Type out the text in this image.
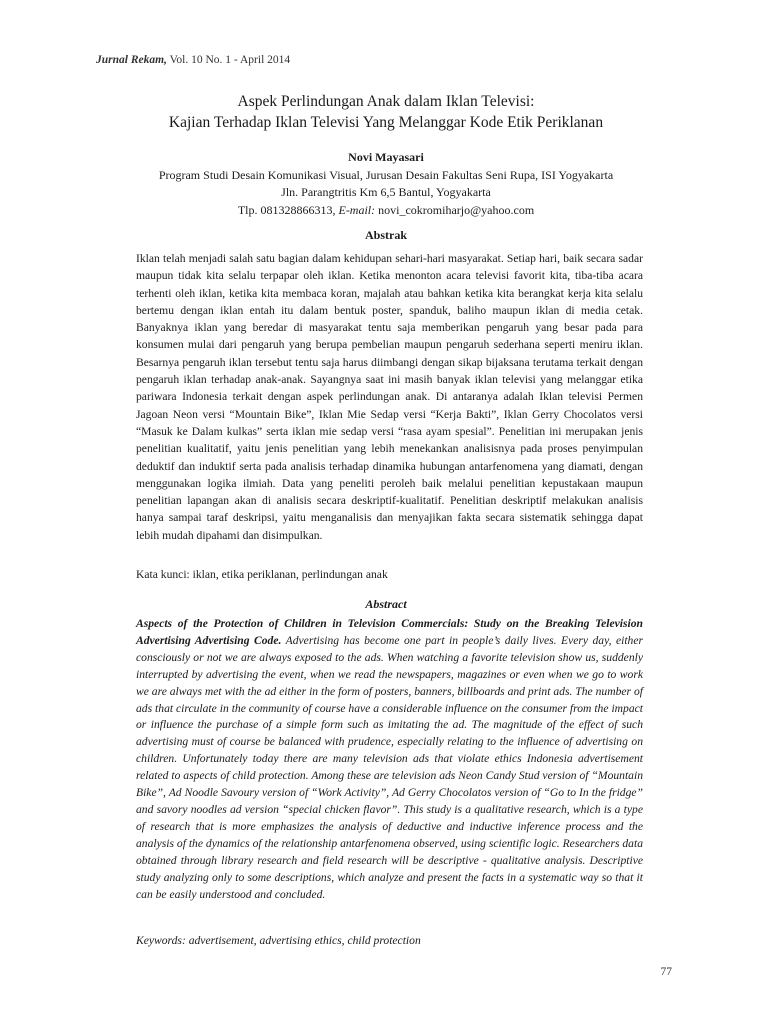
Jurnal Rekam, Vol. 10 No. 1 - April 2014

Aspek Perlindungan Anak dalam Iklan Televisi:

Kajian Terhadap Iklan Televisi Yang Melanggar Kode Etik Periklanan

Novi Mayasari
Program Studi Desain Komunikasi Visual, Jurusan Desain Fakultas Seni Rupa, ISI Yogyakarta
Jln. Parangtritis Km 6,5 Bantul, Yogyakarta
Tlp. 081328866313, E-mail: novi_cokromiharjo@yahoo.com
Abstrak

Iklan telah menjadi salah satu bagian dalam kehidupan sehari-hari masyarakat. Setiap hari, baik secara sadar maupun tidak kita selalu terpapar oleh iklan. Ketika menonton acara televisi favorit kita, tiba-tiba acara terhenti oleh iklan, ketika kita membaca koran, majalah atau bahkan ketika kita berangkat kerja kita selalu bertemu dengan iklan entah itu dalam bentuk poster, spanduk, baliho maupun iklan di media cetak. Banyaknya iklan yang beredar di masyarakat tentu saja memberikan pengaruh yang besar pada para konsumen mulai dari pengaruh yang berupa pembelian maupun pengaruh sederhana seperti meniru iklan. Besarnya pengaruh iklan tersebut tentu saja harus diimbangi dengan sikap bijaksana terutama terkait dengan pengaruh iklan terhadap anak-anak. Sayangnya saat ini masih banyak iklan televisi yang melanggar etika pariwara Indonesia terkait dengan aspek perlindungan anak. Di antaranya adalah Iklan televisi Permen Jagoan Neon versi “Mountain Bike”, Iklan Mie Sedap versi “Kerja Bakti”, Iklan Gerry Chocolatos versi “Masuk ke Dalam kulkas” serta iklan mie sedap versi “rasa ayam spesial”. Penelitian ini merupakan jenis penelitian kualitatif, yaitu jenis penelitian yang lebih menekankan analisisnya pada proses penyimpulan deduktif dan induktif serta pada analisis terhadap dinamika hubungan antarfenomena yang diamati, dengan menggunakan logika ilmiah. Data yang peneliti peroleh baik melalui penelitian kepustakaan maupun penelitian lapangan akan di analisis secara deskriptif-kualitatif. Penelitian deskriptif melakukan analisis hanya sampai taraf deskripsi, yaitu menganalisis dan menyajikan fakta secara sistematik sehingga dapat lebih mudah dipahami dan disimpulkan.

Kata kunci: iklan, etika periklanan, perlindungan anak

Abstract

Aspects of the Protection of Children in Television Commercials: Study on the Breaking Television Advertising Advertising Code. Advertising has become one part in people’s daily lives. Every day, either consciously or not we are always exposed to the ads. When watching a favorite television show us, suddenly interrupted by advertising the event, when we read the newspapers, magazines or even when we go to work we are always met with the ad either in the form of posters, banners, billboards and print ads. The number of ads that circulate in the community of course have a considerable influence on the consumer from the impact or influence the purchase of a simple form such as imitating the ad. The magnitude of the effect of such advertising must of course be balanced with prudence, especially relating to the influence of advertising on children. Unfortunately today there are many television ads that violate ethics Indonesia advertisement related to aspects of child protection. Among these are television ads Neon Candy Stud version of “Mountain Bike”, Ad Noodle Savoury version of “Work Activity”, Ad Gerry Chocolatos version of “Go to In the fridge” and savory noodles ad version “special chicken flavor”. This study is a qualitative research, which is a type of research that is more emphasizes the analysis of deductive and inductive inference process and the analysis of the dynamics of the relationship antarfenomena observed, using scientific logic. Researchers data obtained through library research and field research will be descriptive - qualitative analysis. Descriptive study analyzing only to some descriptions, which analyze and present the facts in a systematic way so that it can be easily understood and concluded.

Keywords: advertisement, advertising ethics, child protection

77
